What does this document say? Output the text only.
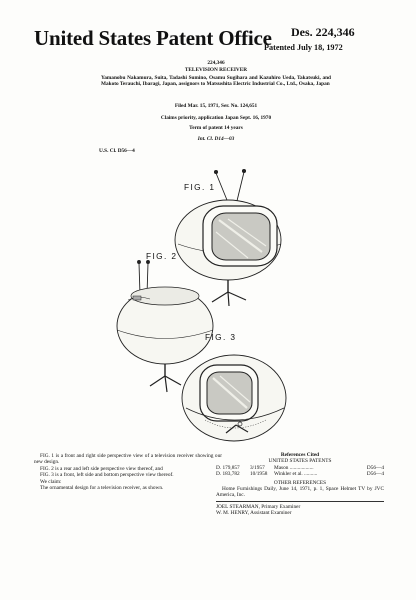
United States Patent Office Des. 224,346
Patented July 18, 1972
224,346
TELEVISION RECEIVER
Yamanobu Nakamura, Suita, Tadashi Sumino, Osamu Sugihara and Kazuhiro Ueda, Takatsuki, and Makoto Terauchi, Ibaragi, Japan, assignors to Matsushita Electric Industrial Co., Ltd., Osaka, Japan
Filed Mar. 15, 1971, Ser. No. 124,651
Claims priority, application Japan Sept. 16, 1970
Term of patent 14 years
Int. Cl. D14—03
U.S. Cl. D56—4
FIG. 1
FIG. 2
FIG. 3

FIG. 1 is a front and right side perspective view of a television receiver showing our new design.

FIG. 2 is a rear and left side perspective view thereof, and

FIG. 3 is a front, left side and bottom perspective view thereof.

We claim:

The ornamental design for a television receiver, as shown.

References Cited

UNITED STATES PATENTS

D. 179,857	3/1957	Mason ..................	D56—4
D. 183,782	10/1958	Winkler et al. ..........	D56—4

OTHER REFERENCES

Home Furnishings Daily, June 14, 1971, p. 1, Space Helmet TV by JVC America, Inc.

JOEL STEARMAN, Primary Examiner

W. M. HENRY, Assistant Examiner
